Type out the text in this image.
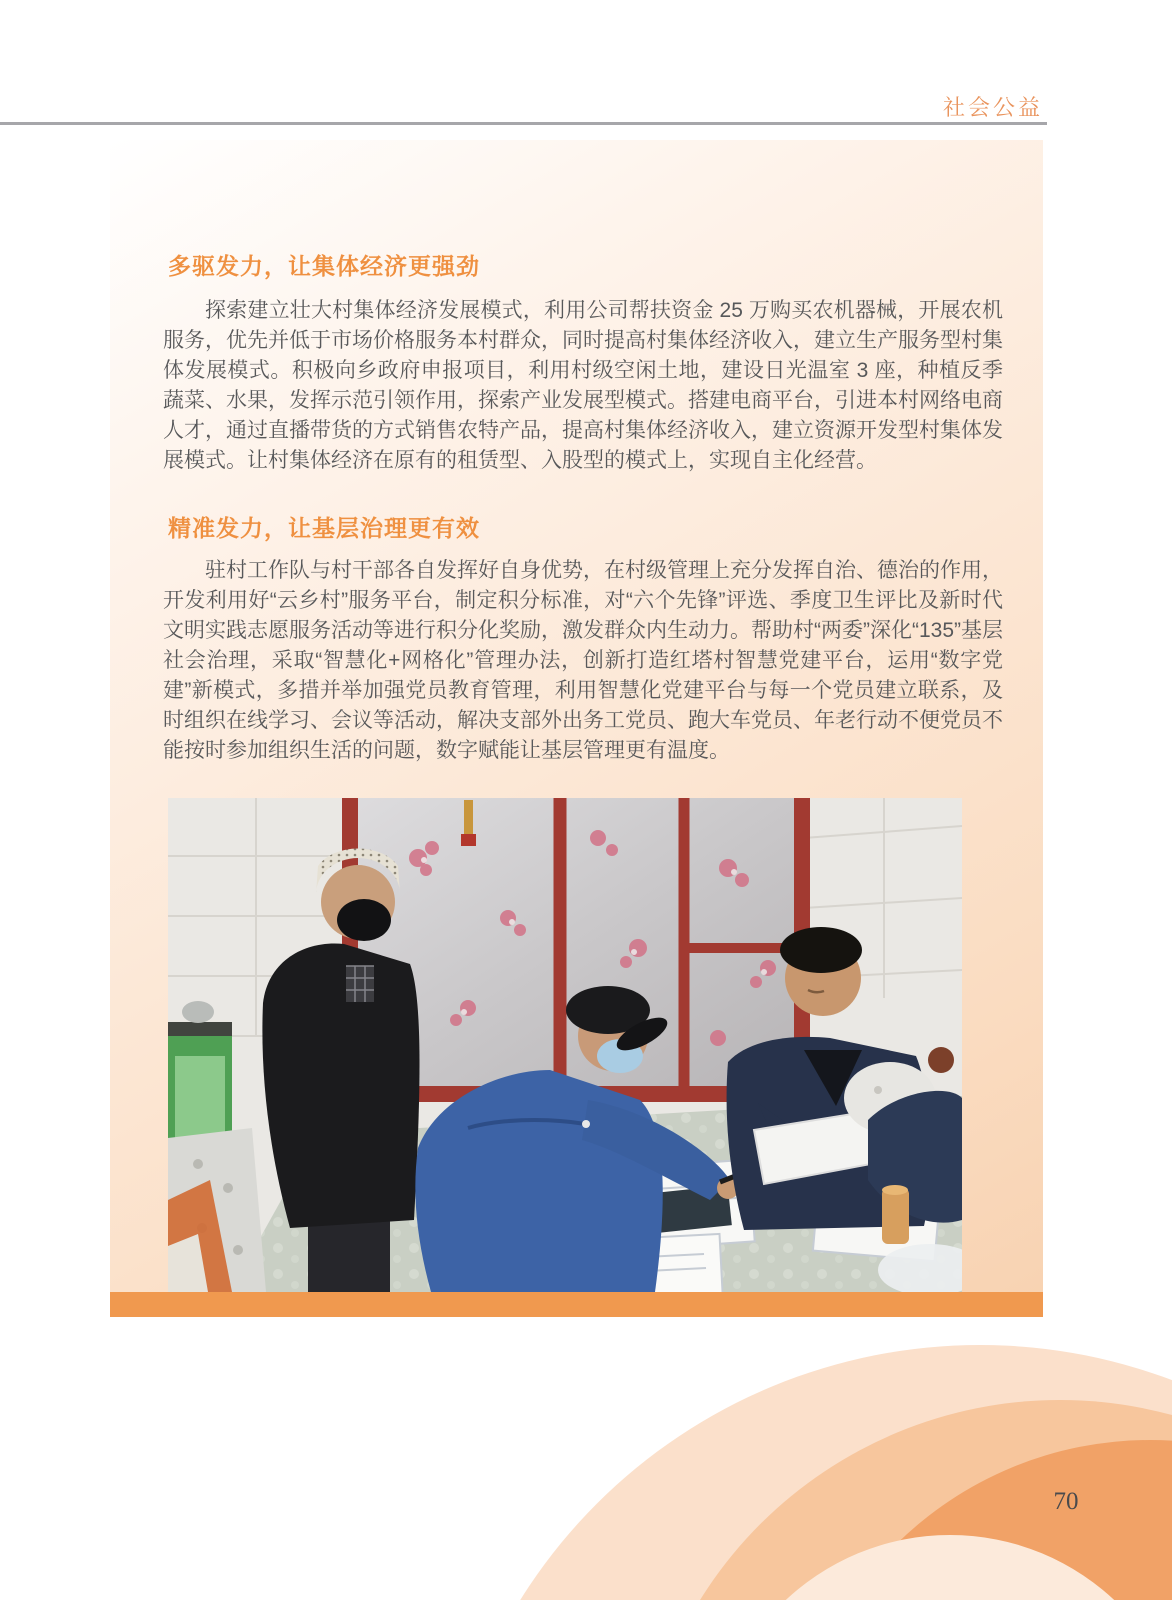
社会公益
多驱发力，让集体经济更强劲

探索建立壮大村集体经济发展模式，利用公司帮扶资金 25 万购买农机器械，开展农机服务，优先并低于市场价格服务本村群众，同时提高村集体经济收入，建立生产服务型村集体发展模式。积极向乡政府申报项目，利用村级空闲土地，建设日光温室 3 座，种植反季蔬菜、水果，发挥示范引领作用，探索产业发展型模式。搭建电商平台，引进本村网络电商人才，通过直播带货的方式销售农特产品，提高村集体经济收入，建立资源开发型村集体发展模式。让村集体经济在原有的租赁型、入股型的模式上，实现自主化经营。

精准发力，让基层治理更有效

驻村工作队与村干部各自发挥好自身优势，在村级管理上充分发挥自治、德治的作用，开发利用好“云乡村”服务平台，制定积分标准，对“六个先锋”评选、季度卫生评比及新时代文明实践志愿服务活动等进行积分化奖励，激发群众内生动力。帮助村“两委”深化“135”基层社会治理，采取“智慧化+网格化”管理办法，创新打造红塔村智慧党建平台，运用“数字党建”新模式，多措并举加强党员教育管理，利用智慧化党建平台与每一个党员建立联系，及时组织在线学习、会议等活动，解决支部外出务工党员、跑大车党员、年老行动不便党员不能按时参加组织生活的问题，数字赋能让基层管理更有温度。

70
